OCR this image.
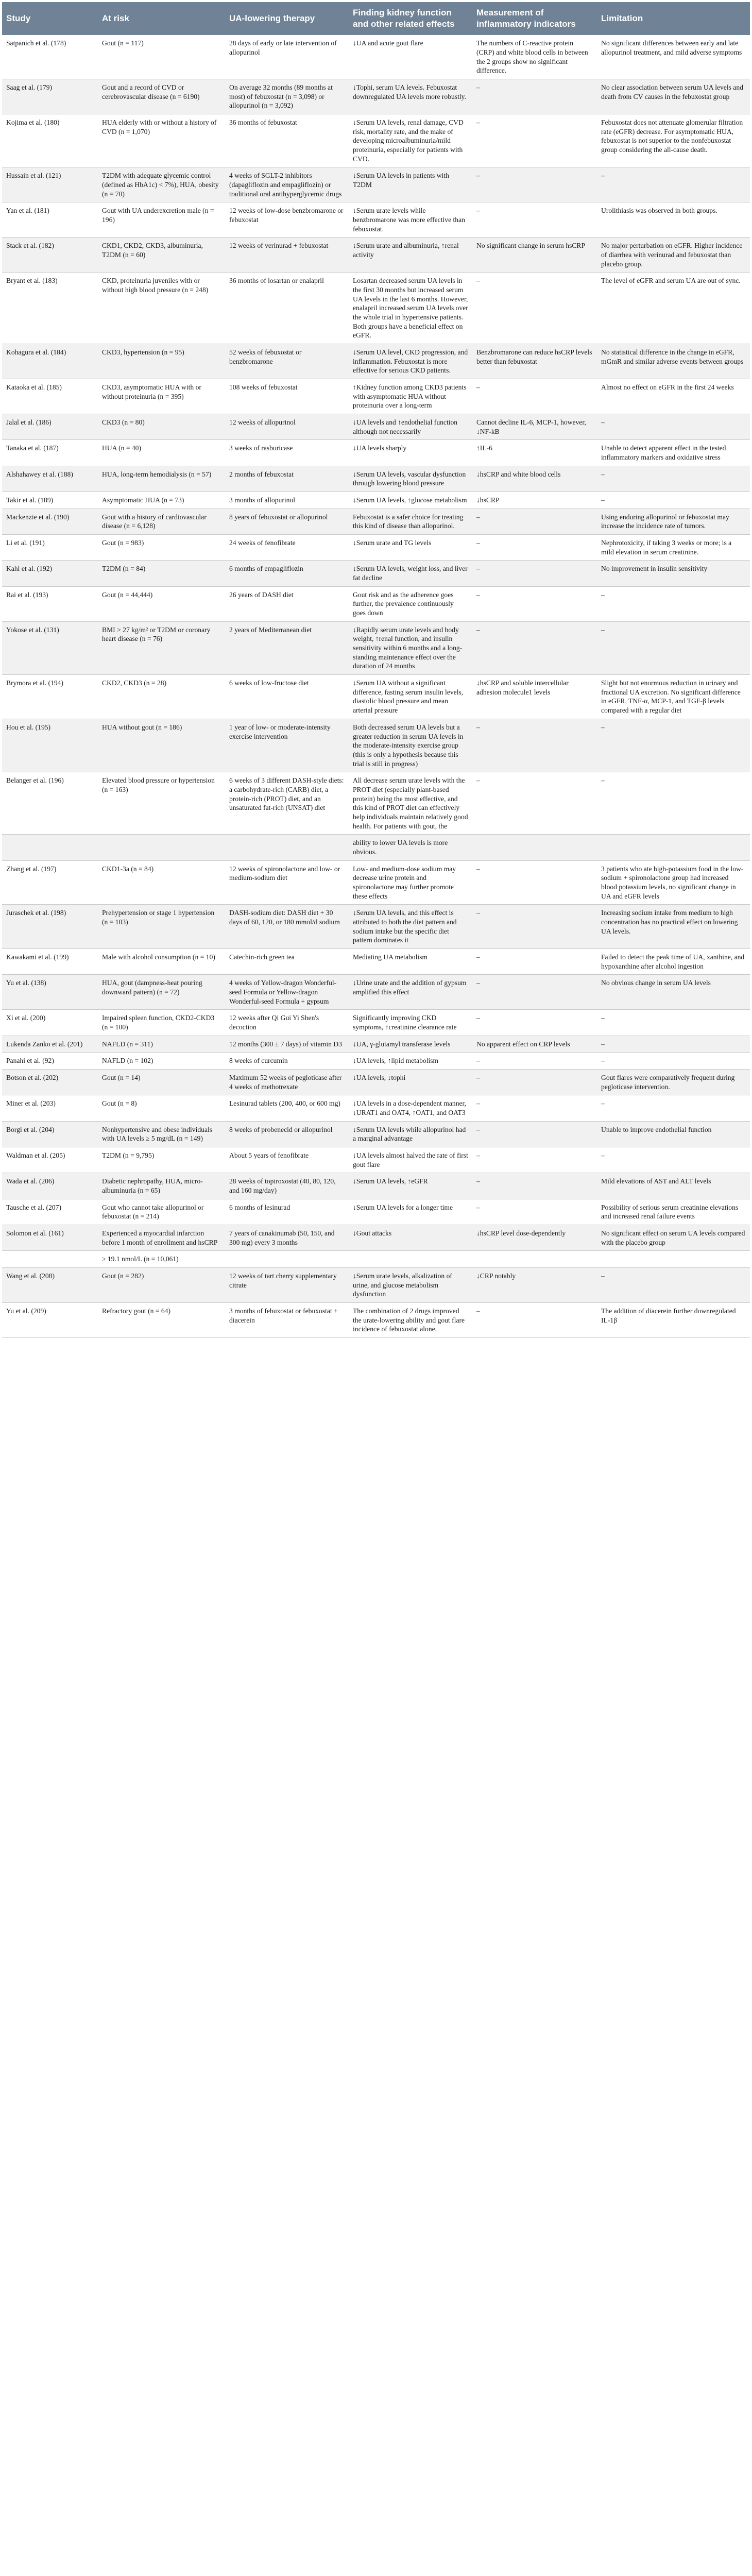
Study	At risk	UA-lowering therapy	Finding kidney function and other related effects	Measurement of inflammatory indicators	Limitation
Satpanich et al. (178)	Gout (n = 117)	28 days of early or late intervention of allopurinol	↓UA and acute gout flare	The numbers of C-reactive protein (CRP) and white blood cells in between the 2 groups show no significant difference.	No significant differences between early and late allopurinol treatment, and mild adverse symptoms
Saag et al. (179)	Gout and a record of CVD or cerebrovascular disease (n = 6190)	On average 32 months (89 months at most) of febuxostat (n = 3,098) or allopurinol (n = 3,092)	↓Tophi, serum UA levels. Febuxostat downregulated UA levels more robustly.	–	No clear association between serum UA levels and death from CV causes in the febuxostat group
Kojima et al. (180)	HUA elderly with or without a history of CVD (n = 1,070)	36 months of febuxostat	↓Serum UA levels, renal damage, CVD risk, mortality rate, and the make of developing microalbuminuria/mild proteinuria, especially for patients with CVD.	–	Febuxostat does not attenuate glomerular filtration rate (eGFR) decrease. For asymptomatic HUA, febuxostat is not superior to the nonfebuxostat group considering the all-cause death.
Hussain et al. (121)	T2DM with adequate glycemic control (defined as HbA1c) < 7%), HUA, obesity (n = 70)	4 weeks of SGLT-2 inhibitors (dapagliflozin and empagliflozin) or traditional oral antihyperglycemic drugs	↓Serum UA levels in patients with T2DM	–	–
Yan et al. (181)	Gout with UA underexcretion male (n = 196)	12 weeks of low-dose benzbromarone or febuxostat	↓Serum urate levels while benzbromarone was more effective than febuxostat.	–	Urolithiasis was observed in both groups.
Stack et al. (182)	CKD1, CKD2, CKD3, albuminuria, T2DM (n = 60)	12 weeks of verinurad + febuxostat	↓Serum urate and albuminuria, ↑renal activity	No significant change in serum hsCRP	No major perturbation on eGFR. Higher incidence of diarrhea with verinurad and febuxostat than placebo group.
Bryant et al. (183)	CKD, proteinuria juveniles with or without high blood pressure (n = 248)	36 months of losartan or enalapril	Losartan decreased serum UA levels in the first 30 months but increased serum UA levels in the last 6 months. However, enalapril increased serum UA levels over the whole trial in hypertensive patients. Both groups have a beneficial effect on eGFR.	–	The level of eGFR and serum UA are out of sync.
Kohagura et al. (184)	CKD3, hypertension (n = 95)	52 weeks of febuxostat or benzbromarone	↓Serum UA level, CKD progression, and inflammation. Febuxostat is more effective for serious CKD patients.	Benzbromarone can reduce hsCRP levels better than febuxostat	No statistical difference in the change in eGFR, mGmR and similar adverse events between groups
Kataoka et al. (185)	CKD3, asymptomatic HUA with or without proteinuria (n = 395)	108 weeks of febuxostat	↑Kidney function among CKD3 patients with asymptomatic HUA without proteinuria over a long-term	–	Almost no effect on eGFR in the first 24 weeks
Jalal et al. (186)	CKD3 (n = 80)	12 weeks of allopurinol	↓UA levels and ↑endothelial function although not necessarily	Cannot decline IL-6, MCP-1, however, ↓NF-kB	–
Tanaka et al. (187)	HUA (n = 40)	3 weeks of rasburicase	↓UA levels sharply	↑IL-6	Unable to detect apparent effect in the tested inflammatory markers and oxidative stress
Alshahawey et al. (188)	HUA, long-term hemodialysis (n = 57)	2 months of febuxostat	↓Serum UA levels, vascular dysfunction through lowering blood pressure	↓hsCRP and white blood cells	–
Takir et al. (189)	Asymptomatic HUA (n = 73)	3 months of allopurinol	↓Serum UA levels, ↑glucose metabolism	↓hsCRP	–
Mackenzie et al. (190)	Gout with a history of cardiovascular disease (n = 6,128)	8 years of febuxostat or allopurinol	Febuxostat is a safer choice for treating this kind of disease than allopurinol.	–	Using enduring allopurinol or febuxostat may increase the incidence rate of tumors.
Li et al. (191)	Gout (n = 983)	24 weeks of fenofibrate	↓Serum urate and TG levels	–	Nephrotoxicity, if taking 3 weeks or more; is a mild elevation in serum creatinine.
Kahl et al. (192)	T2DM (n = 84)	6 months of empagliflozin	↓Serum UA levels, weight loss, and liver fat decline	–	No improvement in insulin sensitivity
Rai et al. (193)	Gout (n = 44,444)	26 years of DASH diet	Gout risk and as the adherence goes further, the prevalence continuously goes down	–	–
Yokose et al. (131)	BMI > 27 kg/m² or T2DM or coronary heart disease (n = 76)	2 years of Mediterranean diet	↓Rapidly serum urate levels and body weight, ↑renal function, and insulin sensitivity within 6 months and a long-standing maintenance effect over the duration of 24 months	–	–
Brymora et al. (194)	CKD2, CKD3 (n = 28)	6 weeks of low-fructose diet	↓Serum UA without a significant difference, fasting serum insulin levels, diastolic blood pressure and mean arterial pressure	↓hsCRP and soluble intercellular adhesion molecule1 levels	Slight but not enormous reduction in urinary and fractional UA excretion. No significant difference in eGFR, TNF-α, MCP-1, and TGF-β levels compared with a regular diet
Hou et al. (195)	HUA without gout (n = 186)	1 year of low- or moderate-intensity exercise intervention	Both decreased serum UA levels but a greater reduction in serum UA levels in the moderate-intensity exercise group (this is only a hypothesis because this trial is still in progress)	–	–
Belanger et al. (196)	Elevated blood pressure or hypertension (n = 163)	6 weeks of 3 different DASH-style diets: a carbohydrate-rich (CARB) diet, a protein-rich (PROT) diet, and an unsaturated fat-rich (UNSAT) diet	All decrease serum urate levels with the PROT diet (especially plant-based protein) being the most effective, and this kind of PROT diet can effectively help individuals maintain relatively good health. For patients with gout, the	–	–
			ability to lower UA levels is more obvious.		
Zhang et al. (197)	CKD1-3a (n = 84)	12 weeks of spironolactone and low- or medium-sodium diet	Low- and medium-dose sodium may decrease urine protein and spironolactone may further promote these effects	–	3 patients who ate high-potassium food in the low-sodium + spironolactone group had increased blood potassium levels, no significant change in UA and eGFR levels
Juraschek et al. (198)	Prehypertension or stage 1 hypertension (n = 103)	DASH-sodium diet: DASH diet + 30 days of 60, 120, or 180 mmol/d sodium	↓Serum UA levels, and this effect is attributed to both the diet pattern and sodium intake but the specific diet pattern dominates it	–	Increasing sodium intake from medium to high concentration has no practical effect on lowering UA levels.
Kawakami et al. (199)	Male with alcohol consumption (n = 10)	Catechin-rich green tea	Mediating UA metabolism	–	Failed to detect the peak time of UA, xanthine, and hypoxanthine after alcohol ingestion
Yu et al. (138)	HUA, gout (dampness-heat pouring downward pattern) (n = 72)	4 weeks of Yellow-dragon Wonderful-seed Formula or Yellow-dragon Wonderful-seed Formula + gypsum	↓Urine urate and the addition of gypsum amplified this effect	–	No obvious change in serum UA levels
Xi et al. (200)	Impaired spleen function, CKD2-CKD3 (n = 100)	12 weeks after Qi Gui Yi Shen's decoction	Significantly improving CKD symptoms, ↑creatinine clearance rate	–	–
Lukenda Zanko et al. (201)	NAFLD (n = 311)	12 months (300 ± 7 days) of vitamin D3	↓UA, γ-glutamyl transferase levels	No apparent effect on CRP levels	–
Panahi et al. (92)	NAFLD (n = 102)	8 weeks of curcumin	↓UA levels, ↑lipid metabolism	–	–
Botson et al. (202)	Gout (n = 14)	Maximum 52 weeks of pegloticase after 4 weeks of methotrexate	↓UA levels, ↓tophi	–	Gout flares were comparatively frequent during pegloticase intervention.
Miner et al. (203)	Gout (n = 8)	Lesinurad tablets (200, 400, or 600 mg)	↓UA levels in a dose-dependent manner, ↓URAT1 and OAT4, ↑OAT1, and OAT3	–	–
Borgi et al. (204)	Nonhypertensive and obese individuals with UA levels ≥ 5 mg/dL (n = 149)	8 weeks of probenecid or allopurinol	↓Serum UA levels while allopurinol had a marginal advantage	–	Unable to improve endothelial function
Waldman et al. (205)	T2DM (n = 9,795)	About 5 years of fenofibrate	↓UA levels almost halved the rate of first gout flare	–	–
Wada et al. (206)	Diabetic nephropathy, HUA, micro-albuminuria (n = 65)	28 weeks of topiroxostat (40, 80, 120, and 160 mg/day)	↓Serum UA levels, ↑eGFR	–	Mild elevations of AST and ALT levels
Tausche et al. (207)	Gout who cannot take allopurinol or febuxostat (n = 214)	6 months of lesinurad	↓Serum UA levels for a longer time	–	Possibility of serious serum creatinine elevations and increased renal failure events
Solomon et al. (161)	Experienced a myocardial infarction before 1 month of enrollment and hsCRP	7 years of canakinumab (50, 150, and 300 mg) every 3 months	↓Gout attacks	↓hsCRP level dose-dependently	No significant effect on serum UA levels compared with the placebo group
	≥ 19.1 nmol/L (n = 10,061)				
Wang et al. (208)	Gout (n = 282)	12 weeks of tart cherry supplementary citrate	↓Serum urate levels, alkalization of urine, and glucose metabolism dysfunction	↓CRP notably	–
Yu et al. (209)	Refractory gout (n = 64)	3 months of febuxostat or febuxostat + diacerein	The combination of 2 drugs improved the urate-lowering ability and gout flare incidence of febuxostat alone.	–	The addition of diacerein further downregulated IL-1β
